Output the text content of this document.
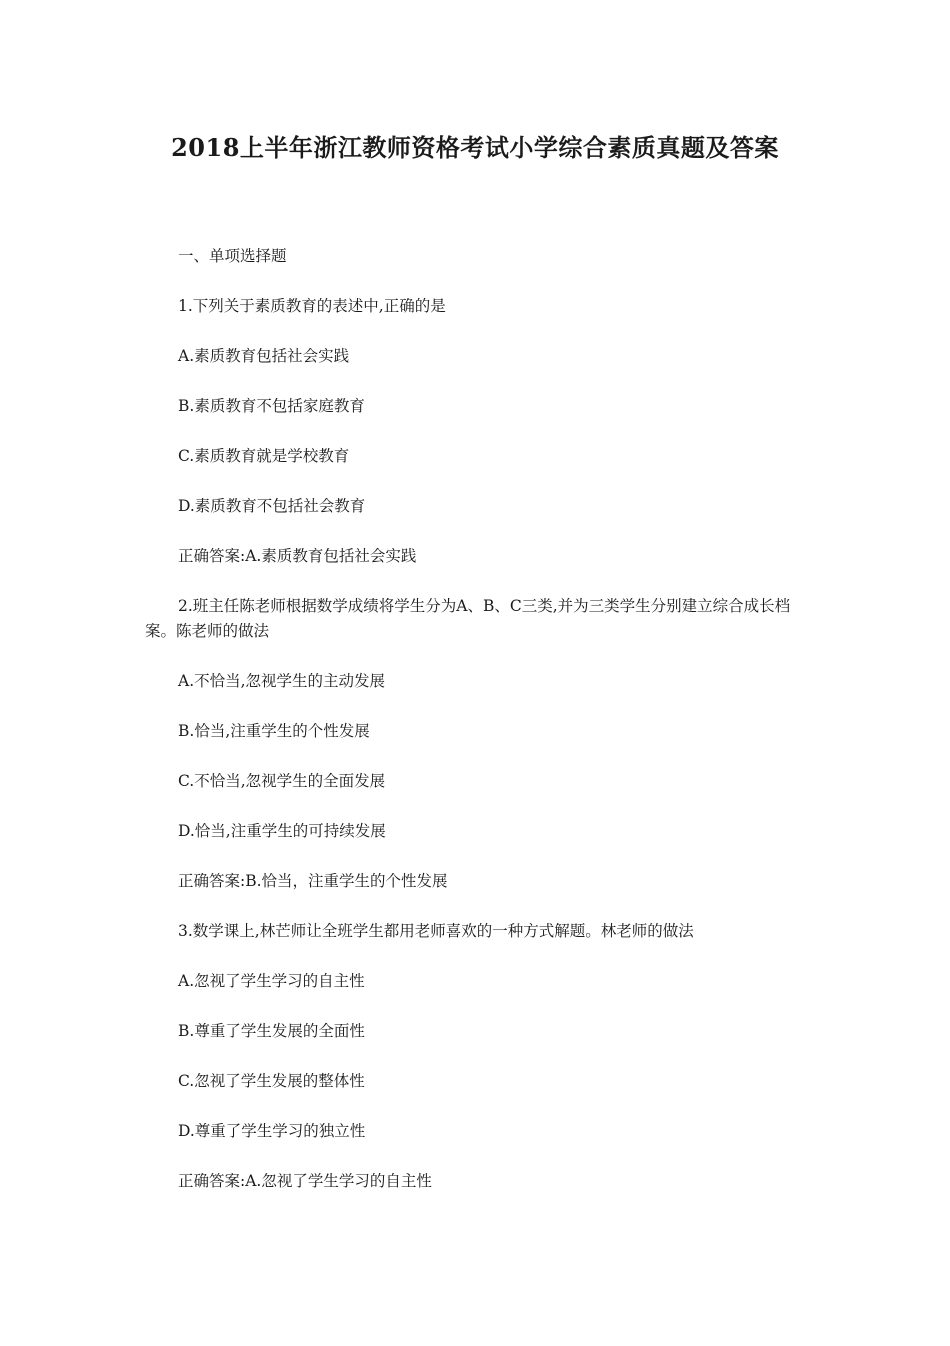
2018上半年浙江教师资格考试小学综合素质真题及答案

一、单项选择题

1.下列关于素质教育的表述中,正确的是

A.素质教育包括社会实践

B.素质教育不包括家庭教育

C.素质教育就是学校教育

D.素质教育不包括社会教育

正确答案:A.素质教育包括社会实践

2.班主任陈老师根据数学成绩将学生分为A、B、C三类,并为三类学生分别建立综合成长档案。陈老师的做法

A.不恰当,忽视学生的主动发展

B.恰当,注重学生的个性发展

C.不恰当,忽视学生的全面发展

D.恰当,注重学生的可持续发展

正确答案:B.恰当，注重学生的个性发展

3.数学课上,林芒师让全班学生都用老师喜欢的一种方式解题。林老师的做法

A.忽视了学生学习的自主性

B.尊重了学生发展的全面性

C.忽视了学生发展的整体性

D.尊重了学生学习的独立性

正确答案:A.忽视了学生学习的自主性
